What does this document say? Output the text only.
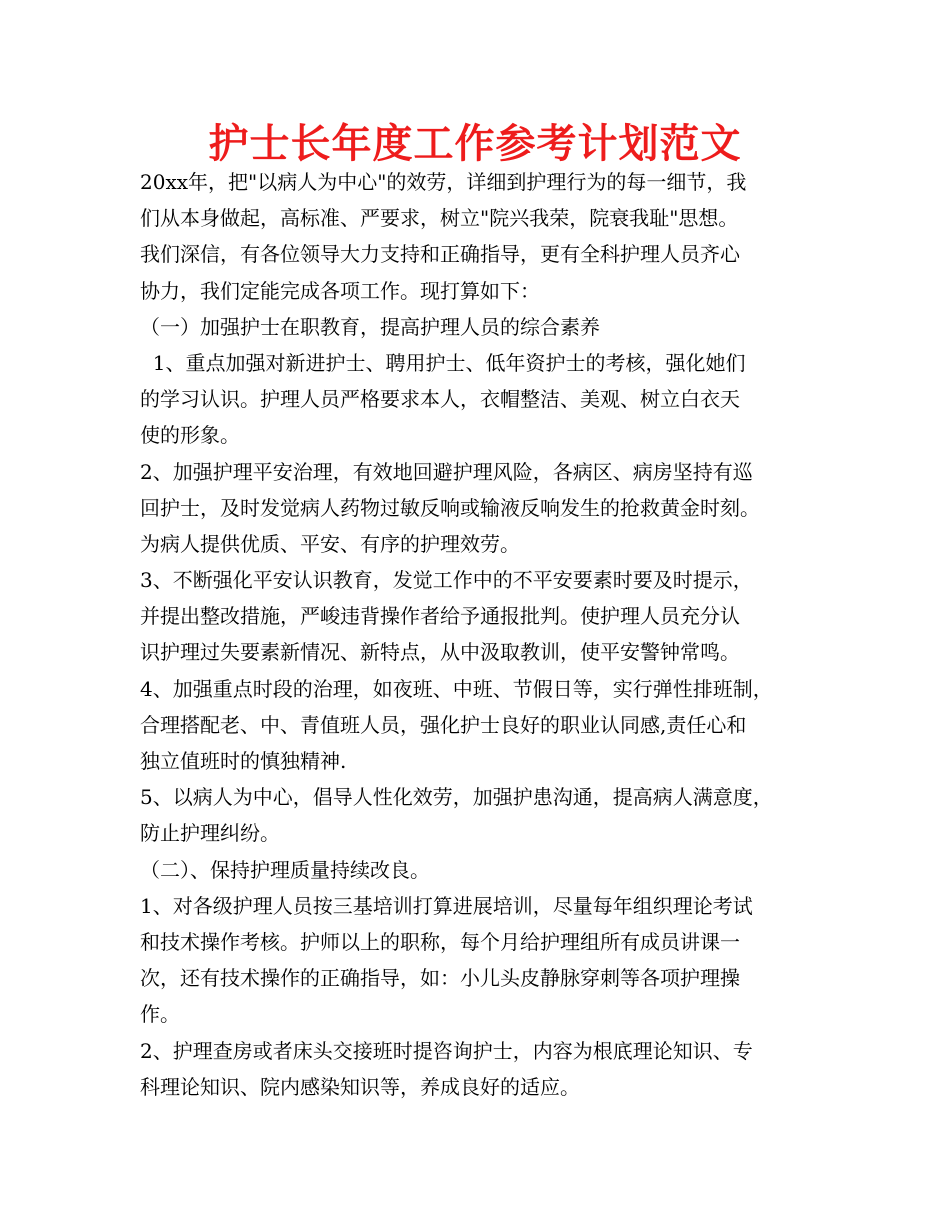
护士长年度工作参考计划范文
20xx年，把"以病人为中心"的效劳，详细到护理行为的每一细节，我
们从本身做起，高标准、严要求，树立"院兴我荣，院衰我耻"思想。
我们深信，有各位领导大力支持和正确指导，更有全科护理人员齐心
协力，我们定能完成各项工作。现打算如下：
（一）加强护士在职教育，提高护理人员的综合素养
1、重点加强对新进护士、聘用护士、低年资护士的考核，强化她们
的学习认识。护理人员严格要求本人，衣帽整洁、美观、树立白衣天
使的形象。
2、加强护理平安治理，有效地回避护理风险，各病区、病房坚持有巡
回护士，及时发觉病人药物过敏反响或输液反响发生的抢救黄金时刻。
为病人提供优质、平安、有序的护理效劳。
3、不断强化平安认识教育，发觉工作中的不平安要素时要及时提示，
并提出整改措施，严峻违背操作者给予通报批判。使护理人员充分认
识护理过失要素新情况、新特点，从中汲取教训，使平安警钟常鸣。
4、加强重点时段的治理，如夜班、中班、节假日等，实行弹性排班制，
合理搭配老、中、青值班人员，强化护士良好的职业认同感,责任心和
独立值班时的慎独精神.
5、以病人为中心，倡导人性化效劳，加强护患沟通，提高病人满意度，
防止护理纠纷。
（二）、保持护理质量持续改良。
1、对各级护理人员按三基培训打算进展培训，尽量每年组织理论考试
和技术操作考核。护师以上的职称，每个月给护理组所有成员讲课一
次，还有技术操作的正确指导，如：小儿头皮静脉穿刺等各项护理操
作。
2、护理查房或者床头交接班时提咨询护士，内容为根底理论知识、专
科理论知识、院内感染知识等，养成良好的适应。
